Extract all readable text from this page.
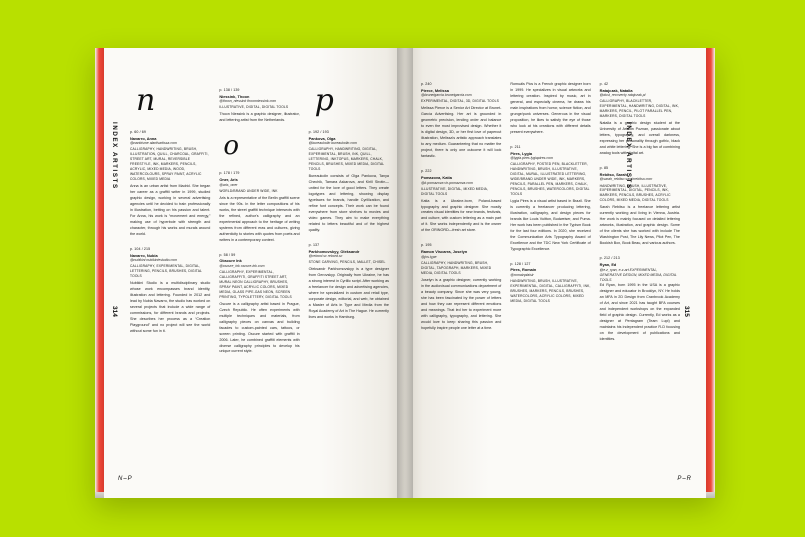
INDEX ARTISTS
314
N–P
n

p. 60 / 69

Navarro, Anna

@nanbisme alartisartissa.com

CALLIGRAPHY, HANDWRITING, BRUSH, ILLUSTRATION, QUILL, CHARCOAL, GRAFFITI, STREET ART, MURAL, REVERSIBLE FREESTYLE, INK, MARKERS, PENCILS, ACRYLIC, MIXED MEDIA, WOOD, WATERCOLOURS, SPRAY PAINT, ACRYLIC COLORS, MIXED MEDIA

Anna is an urban artist from Madrid. She began her career as a graffiti writer in 1999, studied graphic design, working in several advertising agencies until he decided to train professionally in illustration, betting on his passion and talent. For Anna, his work is “movement and energy,” making use of hyperbole with strength and character, through his works and murals around the world.

p. 104 / 215

Navarro, Nubia

@nubikini nubikiniestudio.com

CALLIGRAPHY, EXPERIMENTAL, DIGITAL, LETTERING, PENCILS, BRUSHES, DIGITAL TOOLS

Nubikini Studio is a multidisciplinary studio whose work encompasses brand identity, illustration and lettering. Founded in 2012 and lead by Nubia Navarro, the studio has worked on several projects that include a wide range of commissions, for different brands and projects. She describes her process as a “Creation Playground” and no project will see the world without some fun in it.

p. 138 / 139

Niessink, Thoon

@thoon_niessink thoonniessink.com

ILLUSTRATIVE, DIGITAL, DIGITAL TOOLS

Thoon Niessink is a graphic designer, illustrator, and lettering artist from the Netherlands.

o

p. 178 / 179

Oner, Aris

@aris_oner

WORLD/BRAND UNDER WIDE, INK

Aris is a representative of the Berlin graffiti scene since the 90s. In the letter compositions of his works, the street graffiti technique intersects with the refined, author's calligraphy and an experimental approach to the heritage of writing systems from different eras and cultures, giving authenticity to stories with quotes from poets and writers in a contemporary context.

p. 58 / 59

Obscure Ink

@oscure_ink oscure-ink.com

CALLIGRAPHY, EXPERIMENTAL, CALLIGRAFFITI, GRAFFITI STREET ART, MURAL NEON CALLIGRAPHY, BRUSHES, SPRAY PAINT, ACRYLIC COLORS, MIXED MEDIA, GLASS PIPE-GAS NEON, SCREEN PRINTING, TYPOLETTERY, DIGITAL TOOLS

Oscure is a calligraphy artist based in Prague, Czech Republic. He often experiments with multiple techniques and materials, from calligraphy pieces on canvas and building facades to custom-painted cars, tattoos, or screen printing. Oscure started with graffiti in 2006. Later, he combined graffiti elements with diverse calligraphy principles to develop his unique current style.

p

p. 192 / 193

Pankova, Olga

@bureaukolin bureaukolin.com

CALLIGRAPHY, HANDWRITING, DIGITAL, EXPERIMENTAL, BRUSH, INK, QUILL, LETTERING, INKTOPUS, MARKERS, CHALK, PENCILS, BRUSHES, MIXED MEDIA, DIGITAL TOOLS

Bureaukolin consists of Olga Pankova, Tanya Chechik, Tamara Askarova, and Kirill Sirotin—united for the love of good letters. They create logotypes and lettering, showing display typefaces for brands, handle Cyrillization, and refine font concepts. Their work can be found everywhere from store shelves to movies and video games. They aim to make everything related to letters beautiful and of the highest quality.

p. 137

Parkhomovskyy, Oleksandr

@rebord.sc rebord.sc

STONE CARVING, PENCILS, MALLET, CHISEL

Oleksandr Parkhomovskyy is a type designer from Gerovskyy. Originally from Ukraine, he has a strong interest in Cyrillic script. After working as a freelancer for design and advertising agencies, where he specialized in custom and retail type, corporate design, editorial, and web, he obtained a Master of Arts in Type and Media from the Royal Academy of Art in The Hague. He currently lives and works in Hamburg.

INDEX ARTISTS
315
P–R

p. 240

Pierce, Melissa

@bruneigarcia bruneigarcia.com

EXPERIMENTAL, DIGITAL, 3D, DIGITAL TOOLS

Melissa Pierce is a Senior Art Director at Brunet-García Advertising. Her art is grounded in geometric precision, lending order and balance to even the most improvised design. Whether it is digital design, 3D, or her first love of papercut illustration, Melissa's artistic approach translates to any medium. Guaranteeing that no matter the project, there is only one outcome it will look fantastic.

p. 222

Pomazova, Katia

@k.pomazova vir-pomazova.com

ILLUSTRATIVE, DIGITAL, MIXED MEDIA, DIGITAL TOOLS

Katia is a Ukraine-born, Poland-based typography and graphic designer. She mostly creates visual identities for new brands, festivals, and culture, with custom lettering as a main part of it. She works independently and is the owner of the ORINORD—fresh art store.

p. 195

Ramon Viscarra, Joselyn

@jos.type

CALLIGRAPHY, HANDWRITING, BRUSH, DIGITAL, TAPOGRAPH, MARKERS, MIXED MEDIA, DIGITAL TOOLS

Joselyn is a graphic designer, currently working in the audiovisual communications department of a beauty company. Since she was very young, she has been fascinated by the power of letters and how they can represent different emotions and meanings. That led her to experiment more with calligraphy, typography, and lettering. She would love to keep sharing this passion and hopefully inspire people one letter at a time.

Romuáls Pics is a French graphic designer born in 1999. He specializes in visual artworks and lettering creation. Inspired by music, art in general, and especially cinema, he draws his main inspirations from horror, science fiction, and grunge/punk universes. Generous in the visual proposition, he likes to satisfy the eye of those who look at his creations with different details present everywhere.

p. 211

Pires, Lygia

@lygia.pires lygiapires.com

CALLIGRAPHY, POSTED PEN, BLACKLETTER, HANDWRITING, BRUSH, ILLUSTRATIVE, DIGITAL, MURAL, ILLUSTRATED LETTERING, WIDE/BRAND UNDER WIDE, INK, MARKERS, PENCILS, PARALLEL PEN, MARKERS, CHALK, PENCILS, BRUSHES, WATERCOLORS, DIGITAL TOOLS

Lygia Pires is a visual artist based in Brazil. She is currently a freelancer producing lettering, illustration, calligraphy, and design pieces for brands like Louis Vuitton, Budweiser, and Puma. Her work has been published in the Typism Book for the last four editions. In 2020, she received the Communication Arts Typography Award of Excellence and the TDC New York Certificate of Typographic Excellence.

p. 128 / 127

Pires, Romain

@romainplaisir

HANDWRITING, BRUSH, ILLUSTRATIVE, EXPERIMENTAL, DIGITAL, CALLIGRAFFITI, INK, BRUSHES, MARKERS, PENCILS, BRUSHES, WATERCOLORS, ACRYLIC COLORS, MIXED MEDIA, DIGITAL TOOLS

p. 42

Ratajczak, Natalia

@dust_recovecty ratajczak.pl

CALLIGRAPHY, BLACKLETTER, EXPERIMENTAL, HANDWRITING, DIGITAL, INK, MARKERS, PENCIL, PILOT PARALLEL PEN, MARKERS, DIGITAL TOOLS

Natalia is a graphic design student at the University of Arts in Poznan, passionate about letters, typography, and overall darkness, expressing her personality through gothic, black and white lettering. She is a big fan of combining analog tools with digital art.

p. 85

Rebitso, Sarah

@sarah_rebitso sarahrebitso.com

HANDWRITING, BRUSH, ILLUSTRATIVE, EXPERIMENTAL, DIGITAL, PENCILS, INK, MARKERS, PENCILS, BRUSHES, ACRYLIC COLORS, MIXED MEDIA, DIGITAL TOOLS

Sarah Rebitso is a freelance lettering artist currently working and living in Vienna, Austria. Her work is mainly focused on detailed lettering artworks, illustration, and graphic design. Some of the clients she has worked with include The Washington Post, The Lily News, Pilot Pen, The Bookish Box, Book Beau, and various authors.

p. 212 / 213

Ryan, Ed

@e.z_ryan, e-z-art EXPERIMENTAL, GENERATIVE DESIGN, MIXED MEDIA, DIGITAL TOOLS

Ed Ryan, born 1995 in the USA is a graphic designer and educator in Brooklyn, NY. He holds an MFA in 2D Design from Cranbrook Academy of Art, and since 2021 has taught BFA courses and independent workshops on the expanded field of graphic design. Currently, Ed works as a designer at Pentagram (Team Lupi) and maintains his independent practice R-D focusing on the development of publications and identities.
